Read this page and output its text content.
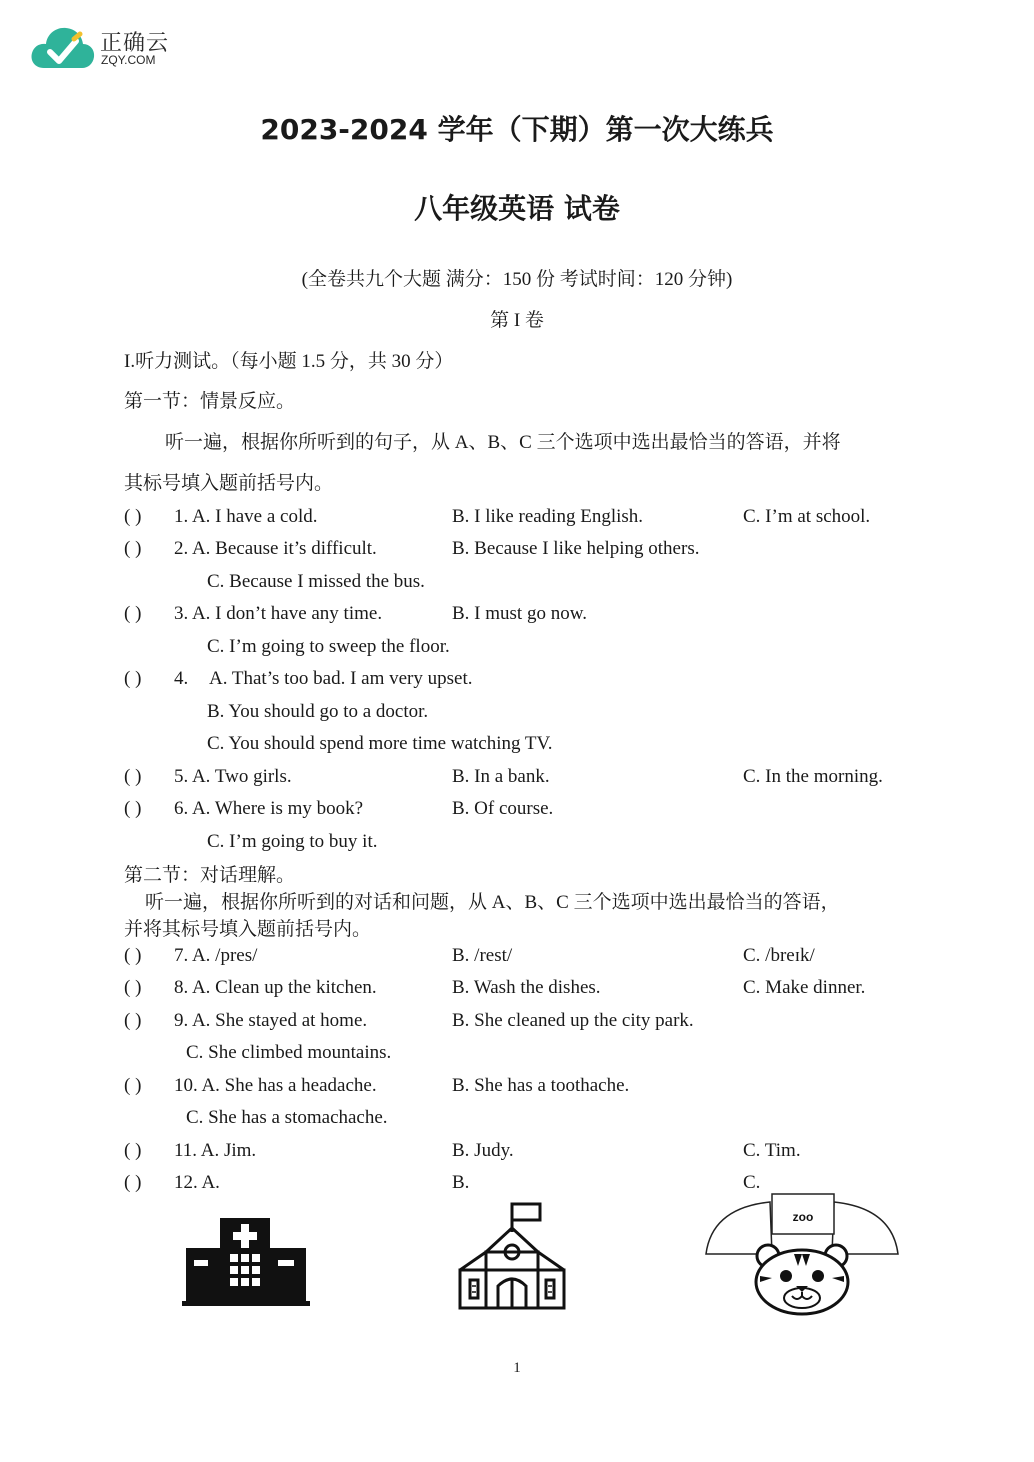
正确云
ZQY.COM
2023-2024 学年（下期）第一次大练兵
八年级英语 试卷
(全卷共九个大题 满分：150 份 考试时间：120 分钟)
第 I 卷
I.听力测试。（每小题 1.5 分，共 30 分）
第一节：情景反应。
听一遍，根据你所听到的句子，从 A、B、C 三个选项中选出最恰当的答语，并将
其标号填入题前括号内。
( ) 1. A. I have a cold.	B. I like reading English.	C. I’m at school.
( ) 2. A. Because it’s difficult.	B. Because I like helping others.
C. Because I missed the bus.
( ) 3. A. I don’t have any time.	B. I must go now.
C. I’m going to sweep the floor.
( ) 4. A. That’s too bad. I am very upset.
B. You should go to a doctor.
C. You should spend more time watching TV.
( ) 5. A. Two girls.	B. In a bank.	C. In the morning.
( ) 6. A. Where is my book?	B. Of course.
C. I’m going to buy it.
第二节：对话理解。
听一遍，根据你所听到的对话和问题，从 A、B、C 三个选项中选出最恰当的答语，
并将其标号填入题前括号内。
( ) 7. A. /pres/	B. /rest/	C. /breɪk/
( ) 8. A. Clean up the kitchen.	B. Wash the dishes.	C. Make dinner.
( ) 9. A. She stayed at home.	B. She cleaned up the city park.
C. She climbed mountains.
( ) 10. A. She has a headache.	B. She has a toothache.
C. She has a stomachache.
( ) 11. A. Jim.	B. Judy.	C. Tim.
( ) 12. A.	B.	C.
zoo
1
